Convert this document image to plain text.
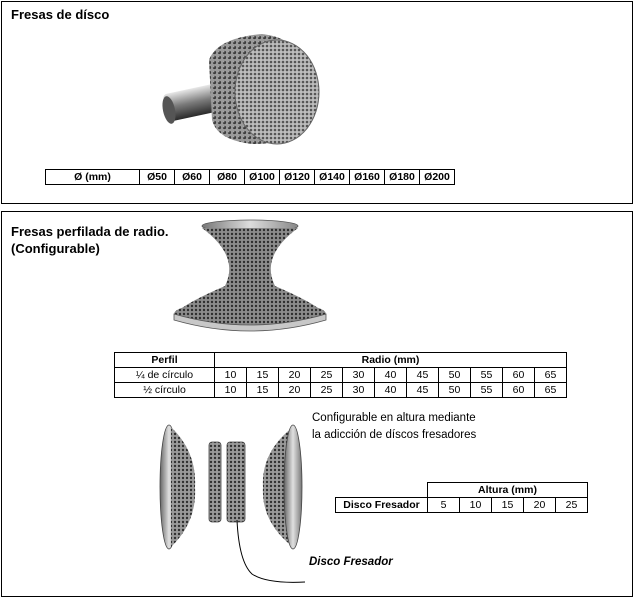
Fresas de dísco
Ø (mm)	Ø50	Ø60	Ø80	Ø100	Ø120	Ø140	Ø160	Ø180	Ø200
Fresas perfilada de radio.
(Configurable)
Perfil	Radio (mm)										
¼ de círculo	10	15	20	25	30	40	45	50	55	60	65
½ círculo	10	15	20	25	30	40	45	50	55	60	65
Configurable en altura mediante
la adicción de díscos fresadores
	Altura (mm)				
Disco Fresador	5	10	15	20	25
Disco Fresador
